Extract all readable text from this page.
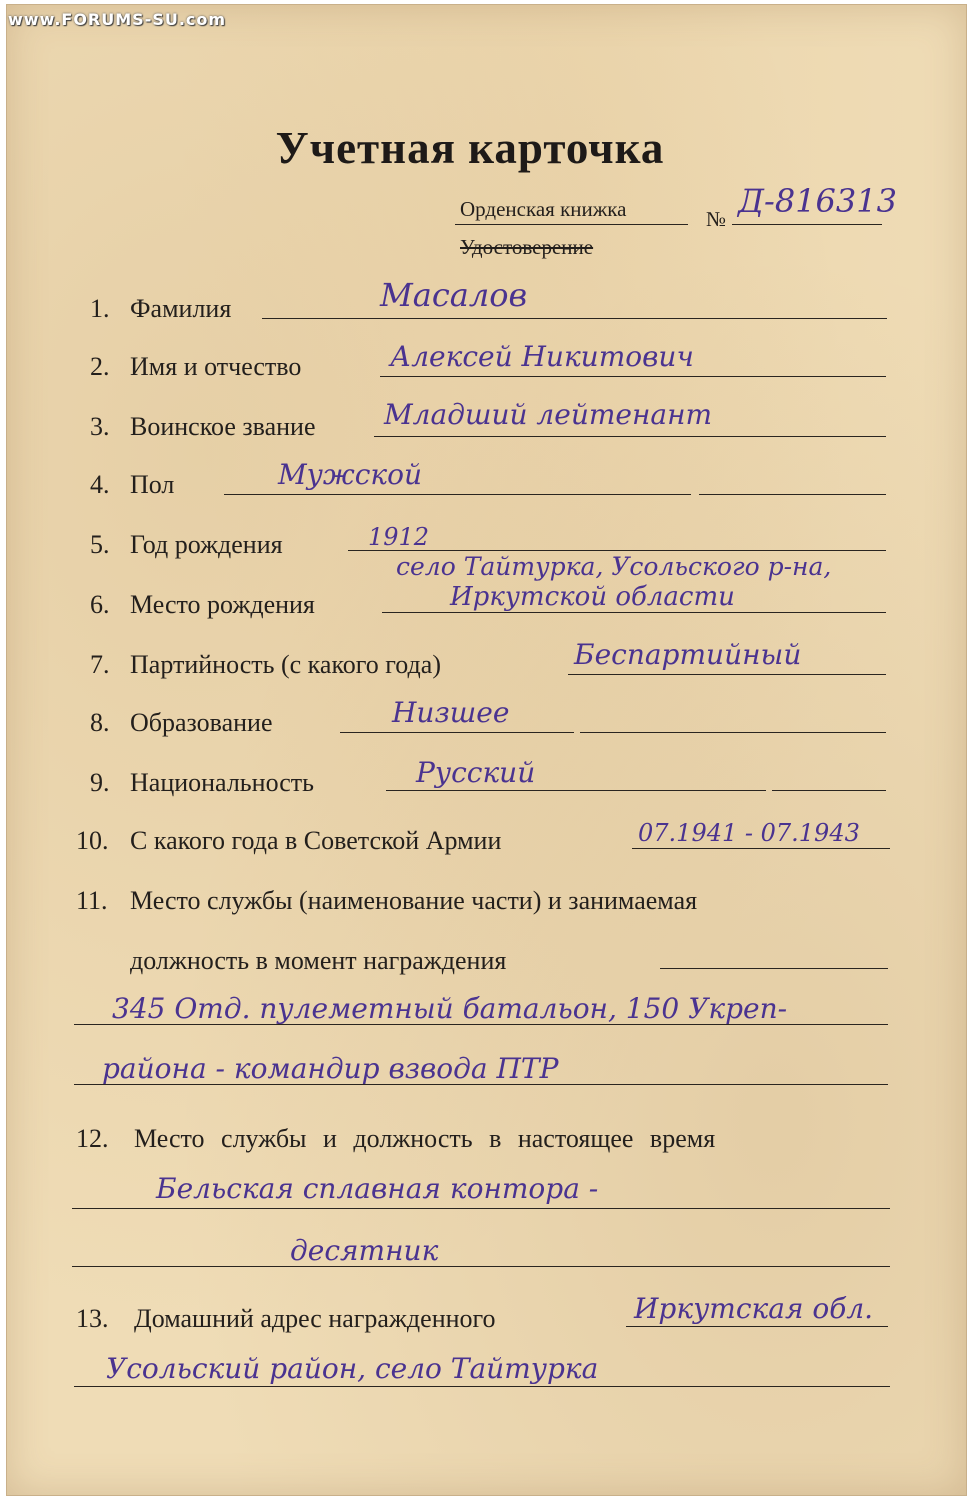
www.FORUMS-SU.com
Учетная карточка
Орденская книжка	№ Д-816313
Удостоверение
1. Фамилия	Масалов
2. Имя и отчество	Алексей Никитович
3. Воинское звание Младший лейтенант
4. Пол	Мужской
5. Год рождения	1912
село Тайтурка, Усольского р-на,
6. Место рождения	Иркутской области
7. Партийность (с какого года)	Беспартийный
8. Образование	Низшее
9. Национальность	Русский
10. С какого года в Советской Армии	07.1941 - 07.1943
11. Место службы (наименование части) и занимаемая
должность в момент награждения
345 Отд. пулеметный батальон, 150 Укреп-
района - командир взвода ПТР
12. Место службы и должность в настоящее время
Бельская сплавная контора -
десятник
13. Домашний адрес награжденного	Иркутская обл.
Усольский район, село Тайтурка
